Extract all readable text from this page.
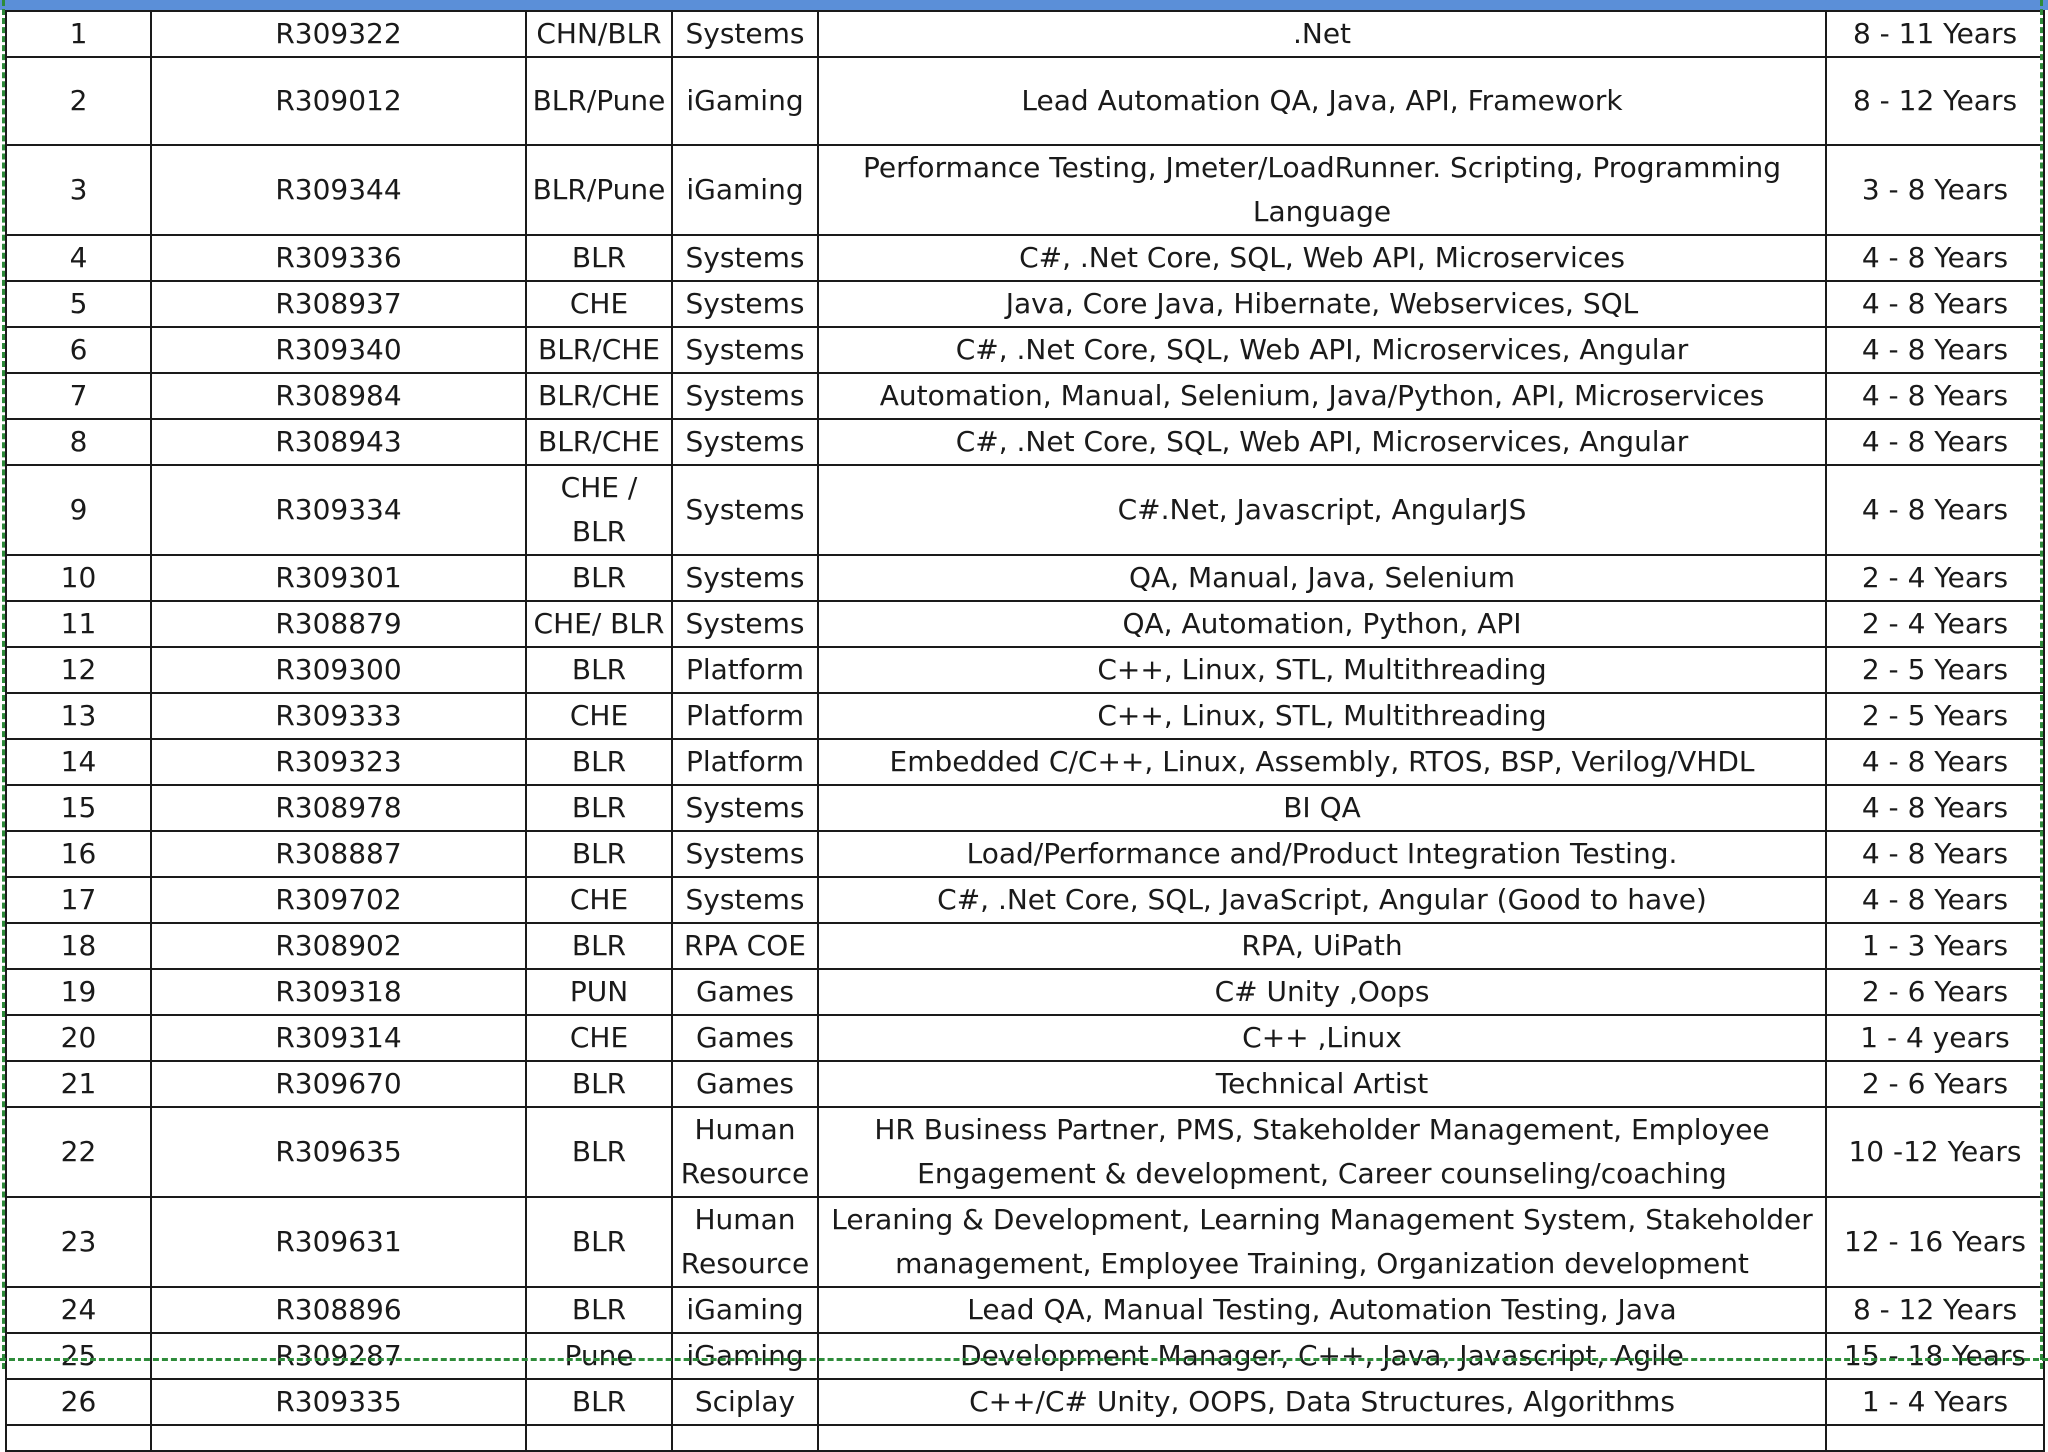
1	R309322	CHN/BLR	Systems	.Net	8 - 11 Years
2	R309012	BLR/Pune	iGaming	Lead Automation QA, Java, API, Framework	8 - 12 Years
3	R309344	BLR/Pune	iGaming	Performance Testing, Jmeter/LoadRunner. Scripting, Programming Language	3 - 8 Years
4	R309336	BLR	Systems	C#, .Net Core, SQL, Web API, Microservices	4 - 8 Years
5	R308937	CHE	Systems	Java, Core Java, Hibernate, Webservices, SQL	4 - 8 Years
6	R309340	BLR/CHE	Systems	C#, .Net Core, SQL, Web API, Microservices, Angular	4 - 8 Years
7	R308984	BLR/CHE	Systems	Automation, Manual, Selenium, Java/Python, API, Microservices	4 - 8 Years
8	R308943	BLR/CHE	Systems	C#, .Net Core, SQL, Web API, Microservices, Angular	4 - 8 Years
9	R309334	CHE / BLR	Systems	C#.Net, Javascript, AngularJS	4 - 8 Years
10	R309301	BLR	Systems	QA, Manual, Java, Selenium	2 - 4 Years
11	R308879	CHE/ BLR	Systems	QA, Automation, Python, API	2 - 4 Years
12	R309300	BLR	Platform	C++, Linux, STL, Multithreading	2 - 5 Years
13	R309333	CHE	Platform	C++, Linux, STL, Multithreading	2 - 5 Years
14	R309323	BLR	Platform	Embedded C/C++, Linux, Assembly, RTOS, BSP, Verilog/VHDL	4 - 8 Years
15	R308978	BLR	Systems	BI QA	4 - 8 Years
16	R308887	BLR	Systems	Load/Performance and/Product Integration Testing.	4 - 8 Years
17	R309702	CHE	Systems	C#, .Net Core, SQL, JavaScript, Angular (Good to have)	4 - 8 Years
18	R308902	BLR	RPA COE	RPA, UiPath	1 - 3 Years
19	R309318	PUN	Games	C# Unity ,Oops	2 - 6 Years
20	R309314	CHE	Games	C++ ,Linux	1 - 4 years
21	R309670	BLR	Games	Technical Artist	2 - 6 Years
22	R309635	BLR	Human Resource	HR Business Partner, PMS, Stakeholder Management, Employee Engagement & development, Career counseling/coaching	10 -12 Years
23	R309631	BLR	Human Resource	Leraning & Development, Learning Management System, Stakeholder management, Employee Training, Organization development	12 - 16 Years
24	R308896	BLR	iGaming	Lead QA, Manual Testing, Automation Testing, Java	8 - 12 Years
25	R309287	Pune	iGaming	Development Manager, C++, Java, Javascript, Agile	15 - 18 Years
26	R309335	BLR	Sciplay	C++/C# Unity, OOPS, Data Structures, Algorithms	1 - 4 Years
